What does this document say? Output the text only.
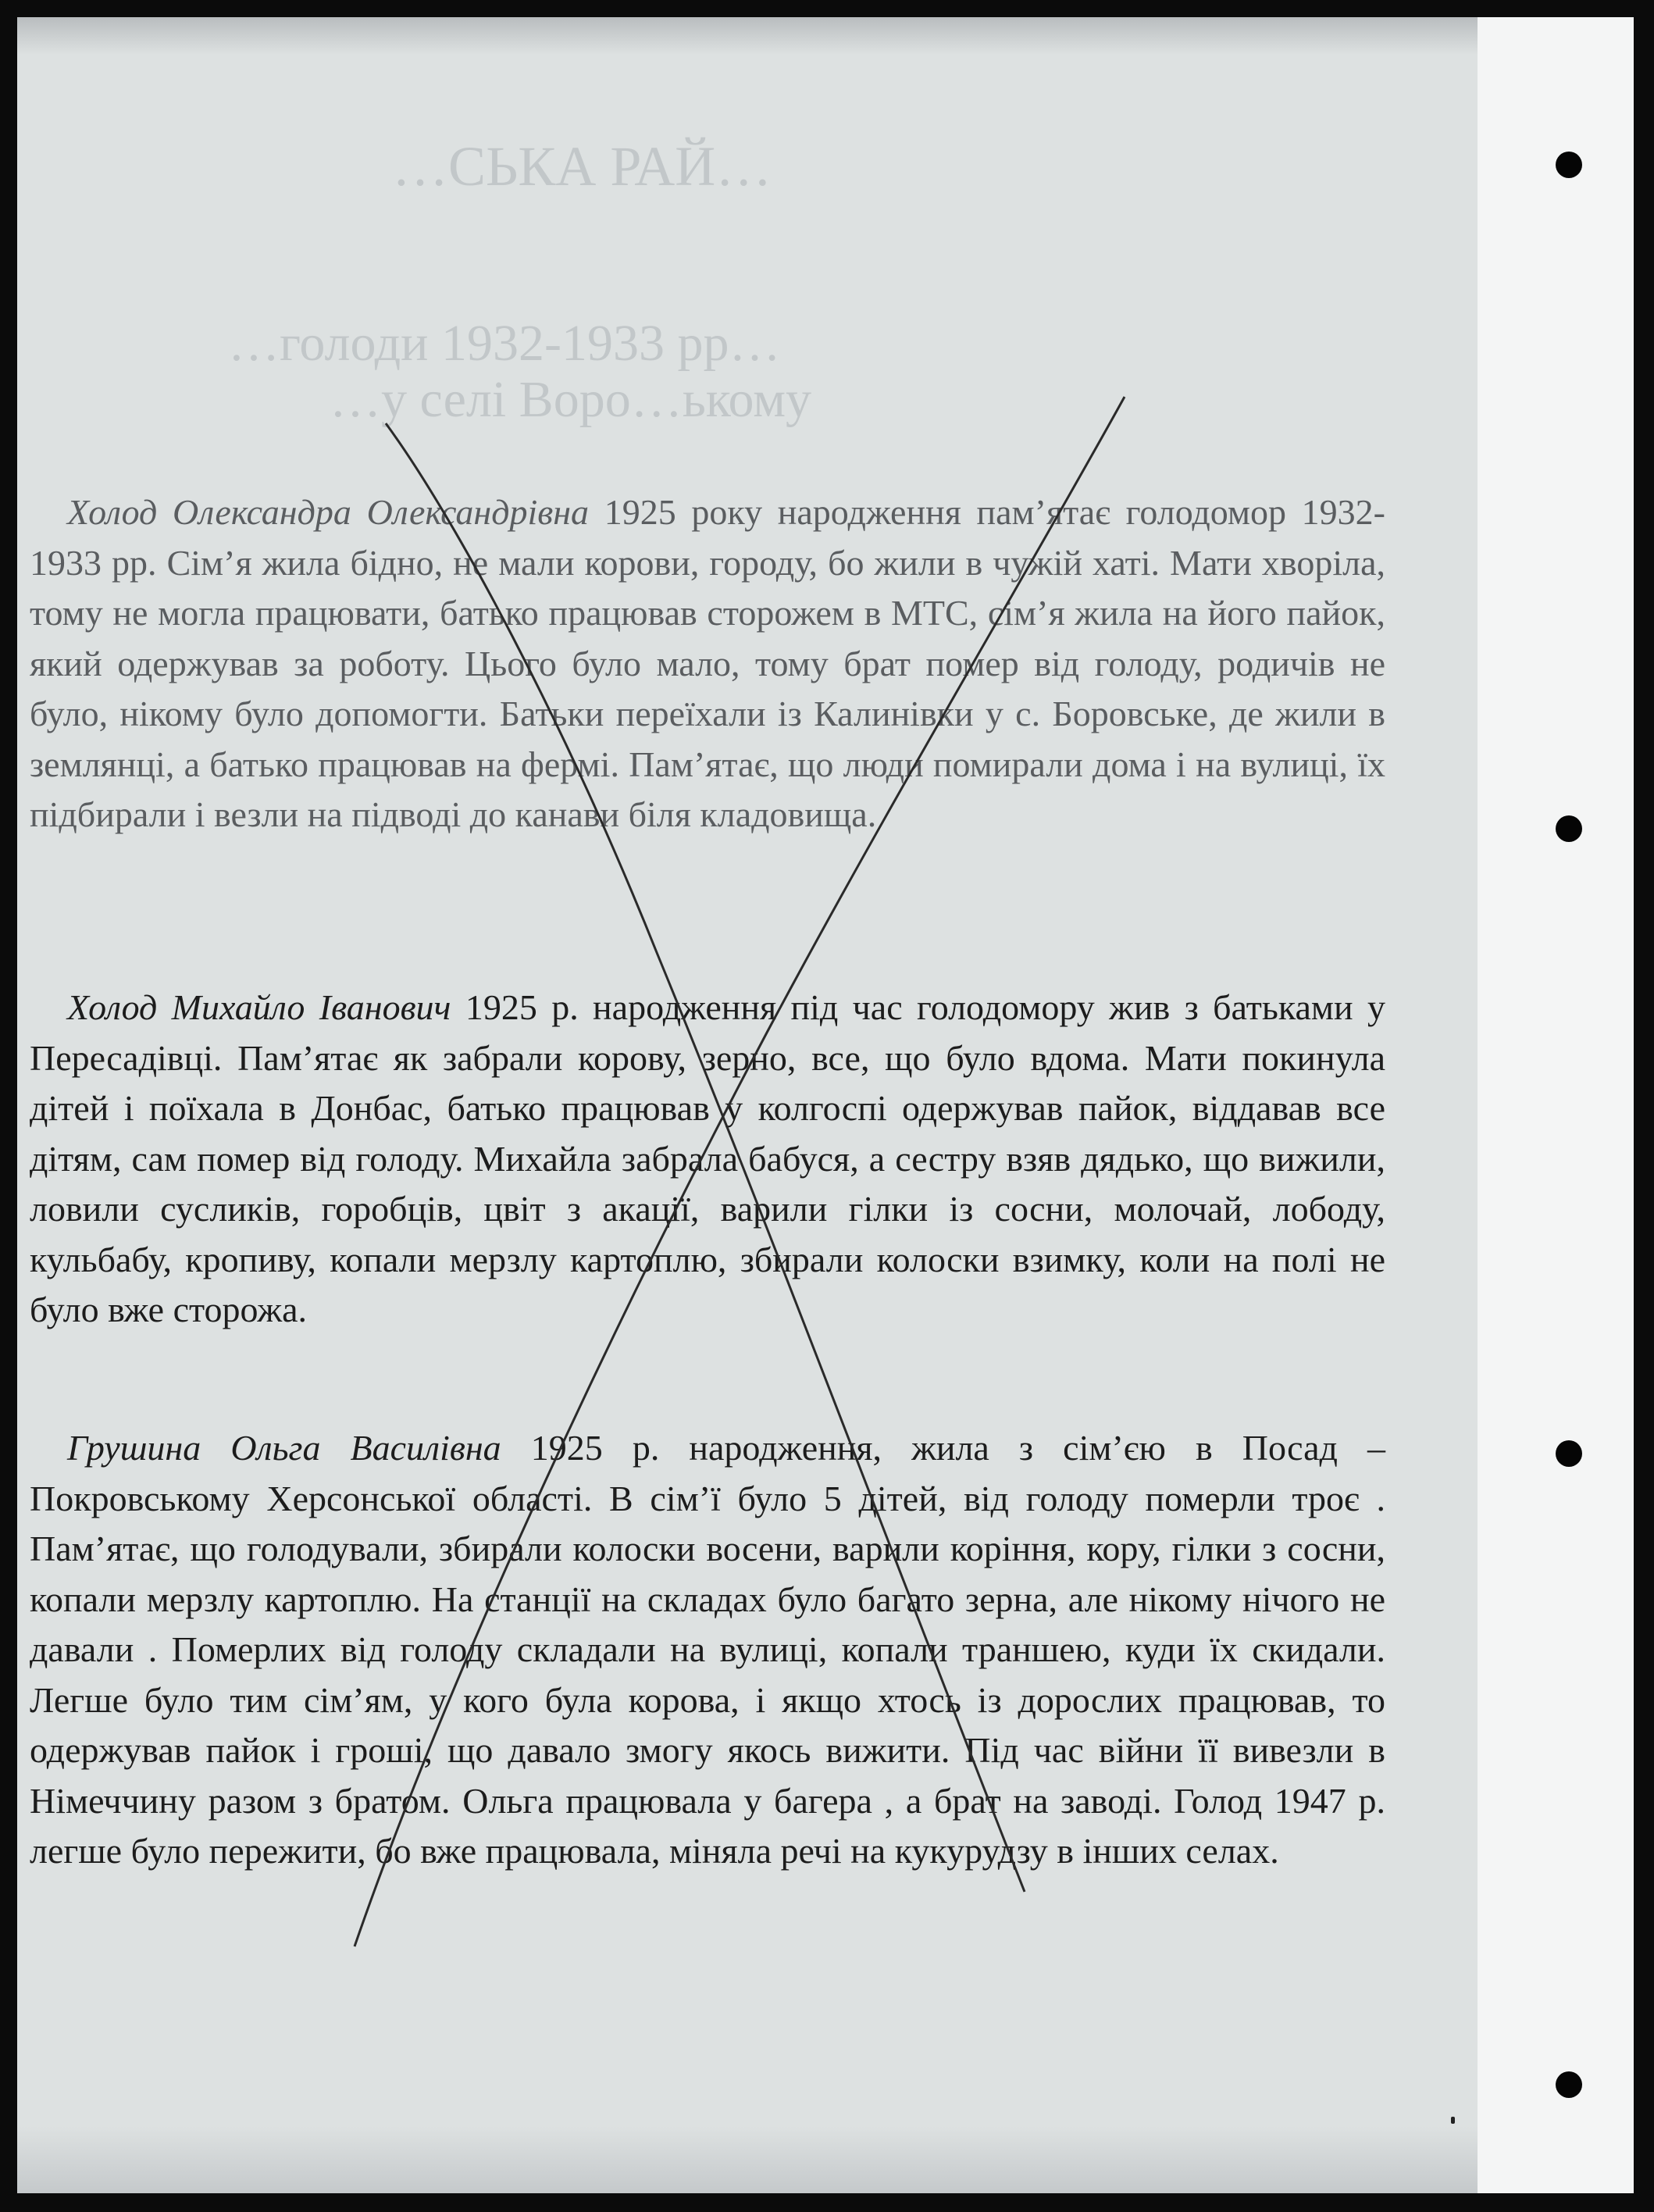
…СЬКА РАЙ…
…голоди 1932-1933 рр…
…у селі Воро…ькому
Холод Олександра Олександрівна 1925 року народження пам’ятає голодомор 1932-1933 рр. Сім’я жила бідно, не мали корови, городу, бо жили в чужій хаті. Мати хворіла, тому не могла працювати, батько працював сторожем в МТС, сім’я жила на його пайок, який одержував за роботу. Цього було мало, тому брат помер від голоду, родичів не було, нікому було допомогти. Батьки переїхали із Калинівки у с. Боровське, де жили в землянці, а батько працював на фермі. Пам’ятає, що люди помирали дома і на вулиці, їх підбирали і везли на підводі до канави біля кладовища.
Холод Михайло Іванович 1925 р. народження під час голодомору жив з батьками у Пересадівці. Пам’ятає як забрали корову, зерно, все, що було вдома. Мати покинула дітей і поїхала в Донбас, батько працював у колгоспі одержував пайок, віддавав все дітям, сам помер від голоду. Михайла забрала бабуся, а сестру взяв дядько, що вижили, ловили сусликів, горобців, цвіт з акації, варили гілки із сосни, молочай, лободу, кульбабу, кропиву, копали мерзлу картоплю, збирали колоски взимку, коли на полі не було вже сторожа.
Грушина Ольга Василівна 1925 р. народження, жила з сім’єю в Посад – Покровському Херсонської області. В сім’ї було 5 дітей, від голоду померли троє . Пам’ятає, що голодували, збирали колоски восени, варили коріння, кору, гілки з сосни, копали мерзлу картоплю. На станції на складах було багато зерна, але нікому нічого не давали . Померлих від голоду складали на вулиці, копали траншею, куди їх скидали. Легше було тим сім’ям, у кого була корова, і якщо хтось із дорослих працював, то одержував пайок і гроші, що давало змогу якось вижити. Під час війни її вивезли в Німеччину разом з братом. Ольга працювала у багера , а брат на заводі. Голод 1947 р. легше було пережити, бо вже працювала, міняла речі на кукурудзу в інших селах.
